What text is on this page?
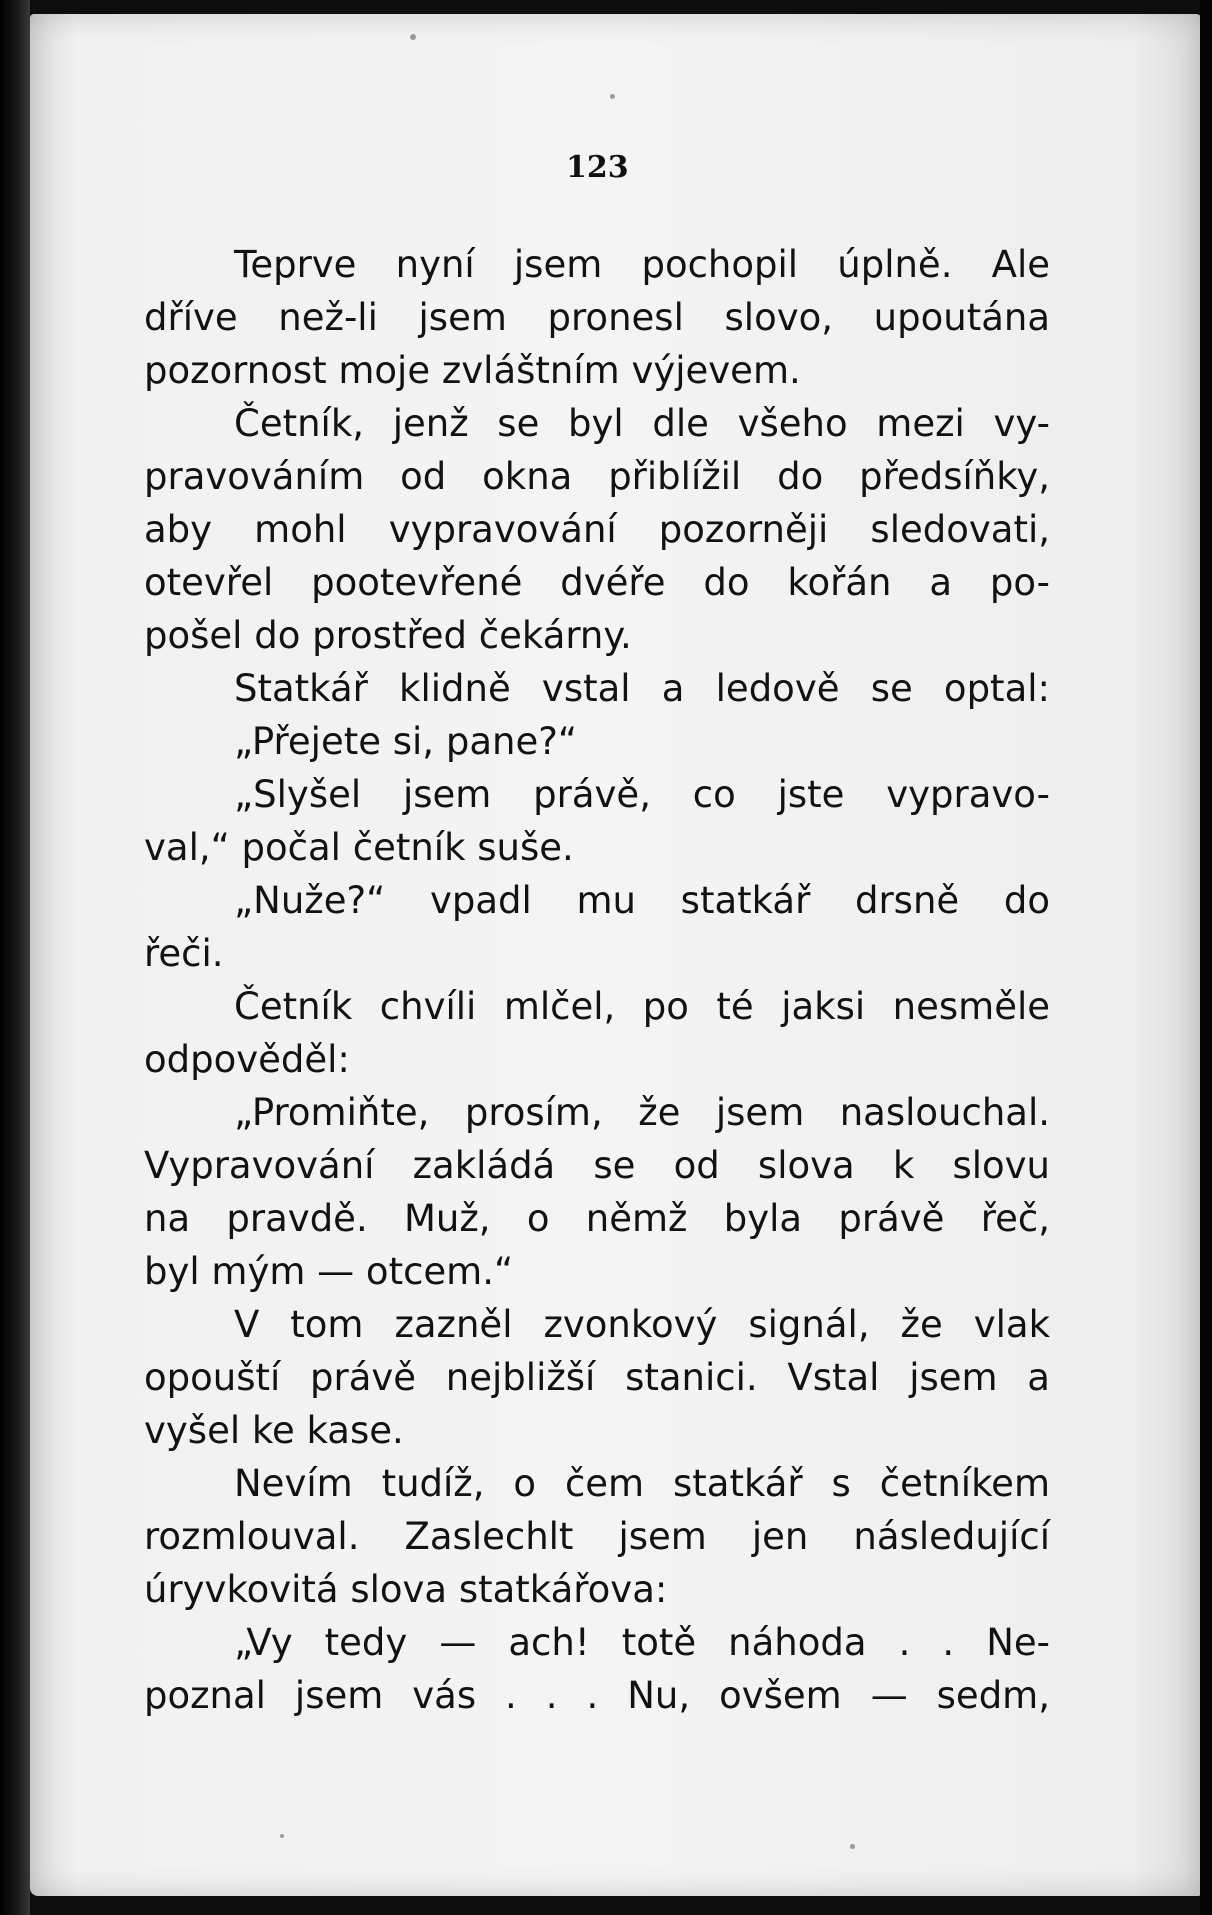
123
Teprve nyní jsem pochopil úplně. Ale
dříve než-li jsem pronesl slovo, upoutána
pozornost moje zvláštním výjevem.
Četník, jenž se byl dle všeho mezi vy-
pravováním od okna přiblížil do předsíňky,
aby mohl vypravování pozorněji sledovati,
otevřel pootevřené dvéře do kořán a po-
pošel do prostřed čekárny.
Statkář klidně vstal a ledově se optal:
„Přejete si, pane?“
„Slyšel jsem právě, co jste vypravo-
val,“ počal četník suše.
„Nuže?“ vpadl mu statkář drsně do
řeči.
Četník chvíli mlčel, po té jaksi nesměle
odpověděl:
„Promiňte, prosím, že jsem naslouchal.
Vypravování zakládá se od slova k slovu
na pravdě. Muž, o němž byla právě řeč,
byl mým — otcem.“
V tom zazněl zvonkový signál, že vlak
opouští právě nejbližší stanici. Vstal jsem a
vyšel ke kase.
Nevím tudíž, o čem statkář s četníkem
rozmlouval. Zaslechlt jsem jen následující
úryvkovitá slova statkářova:
„Vy tedy — ach! totě náhoda . . Ne-
poznal jsem vás . . . Nu, ovšem — sedm,
